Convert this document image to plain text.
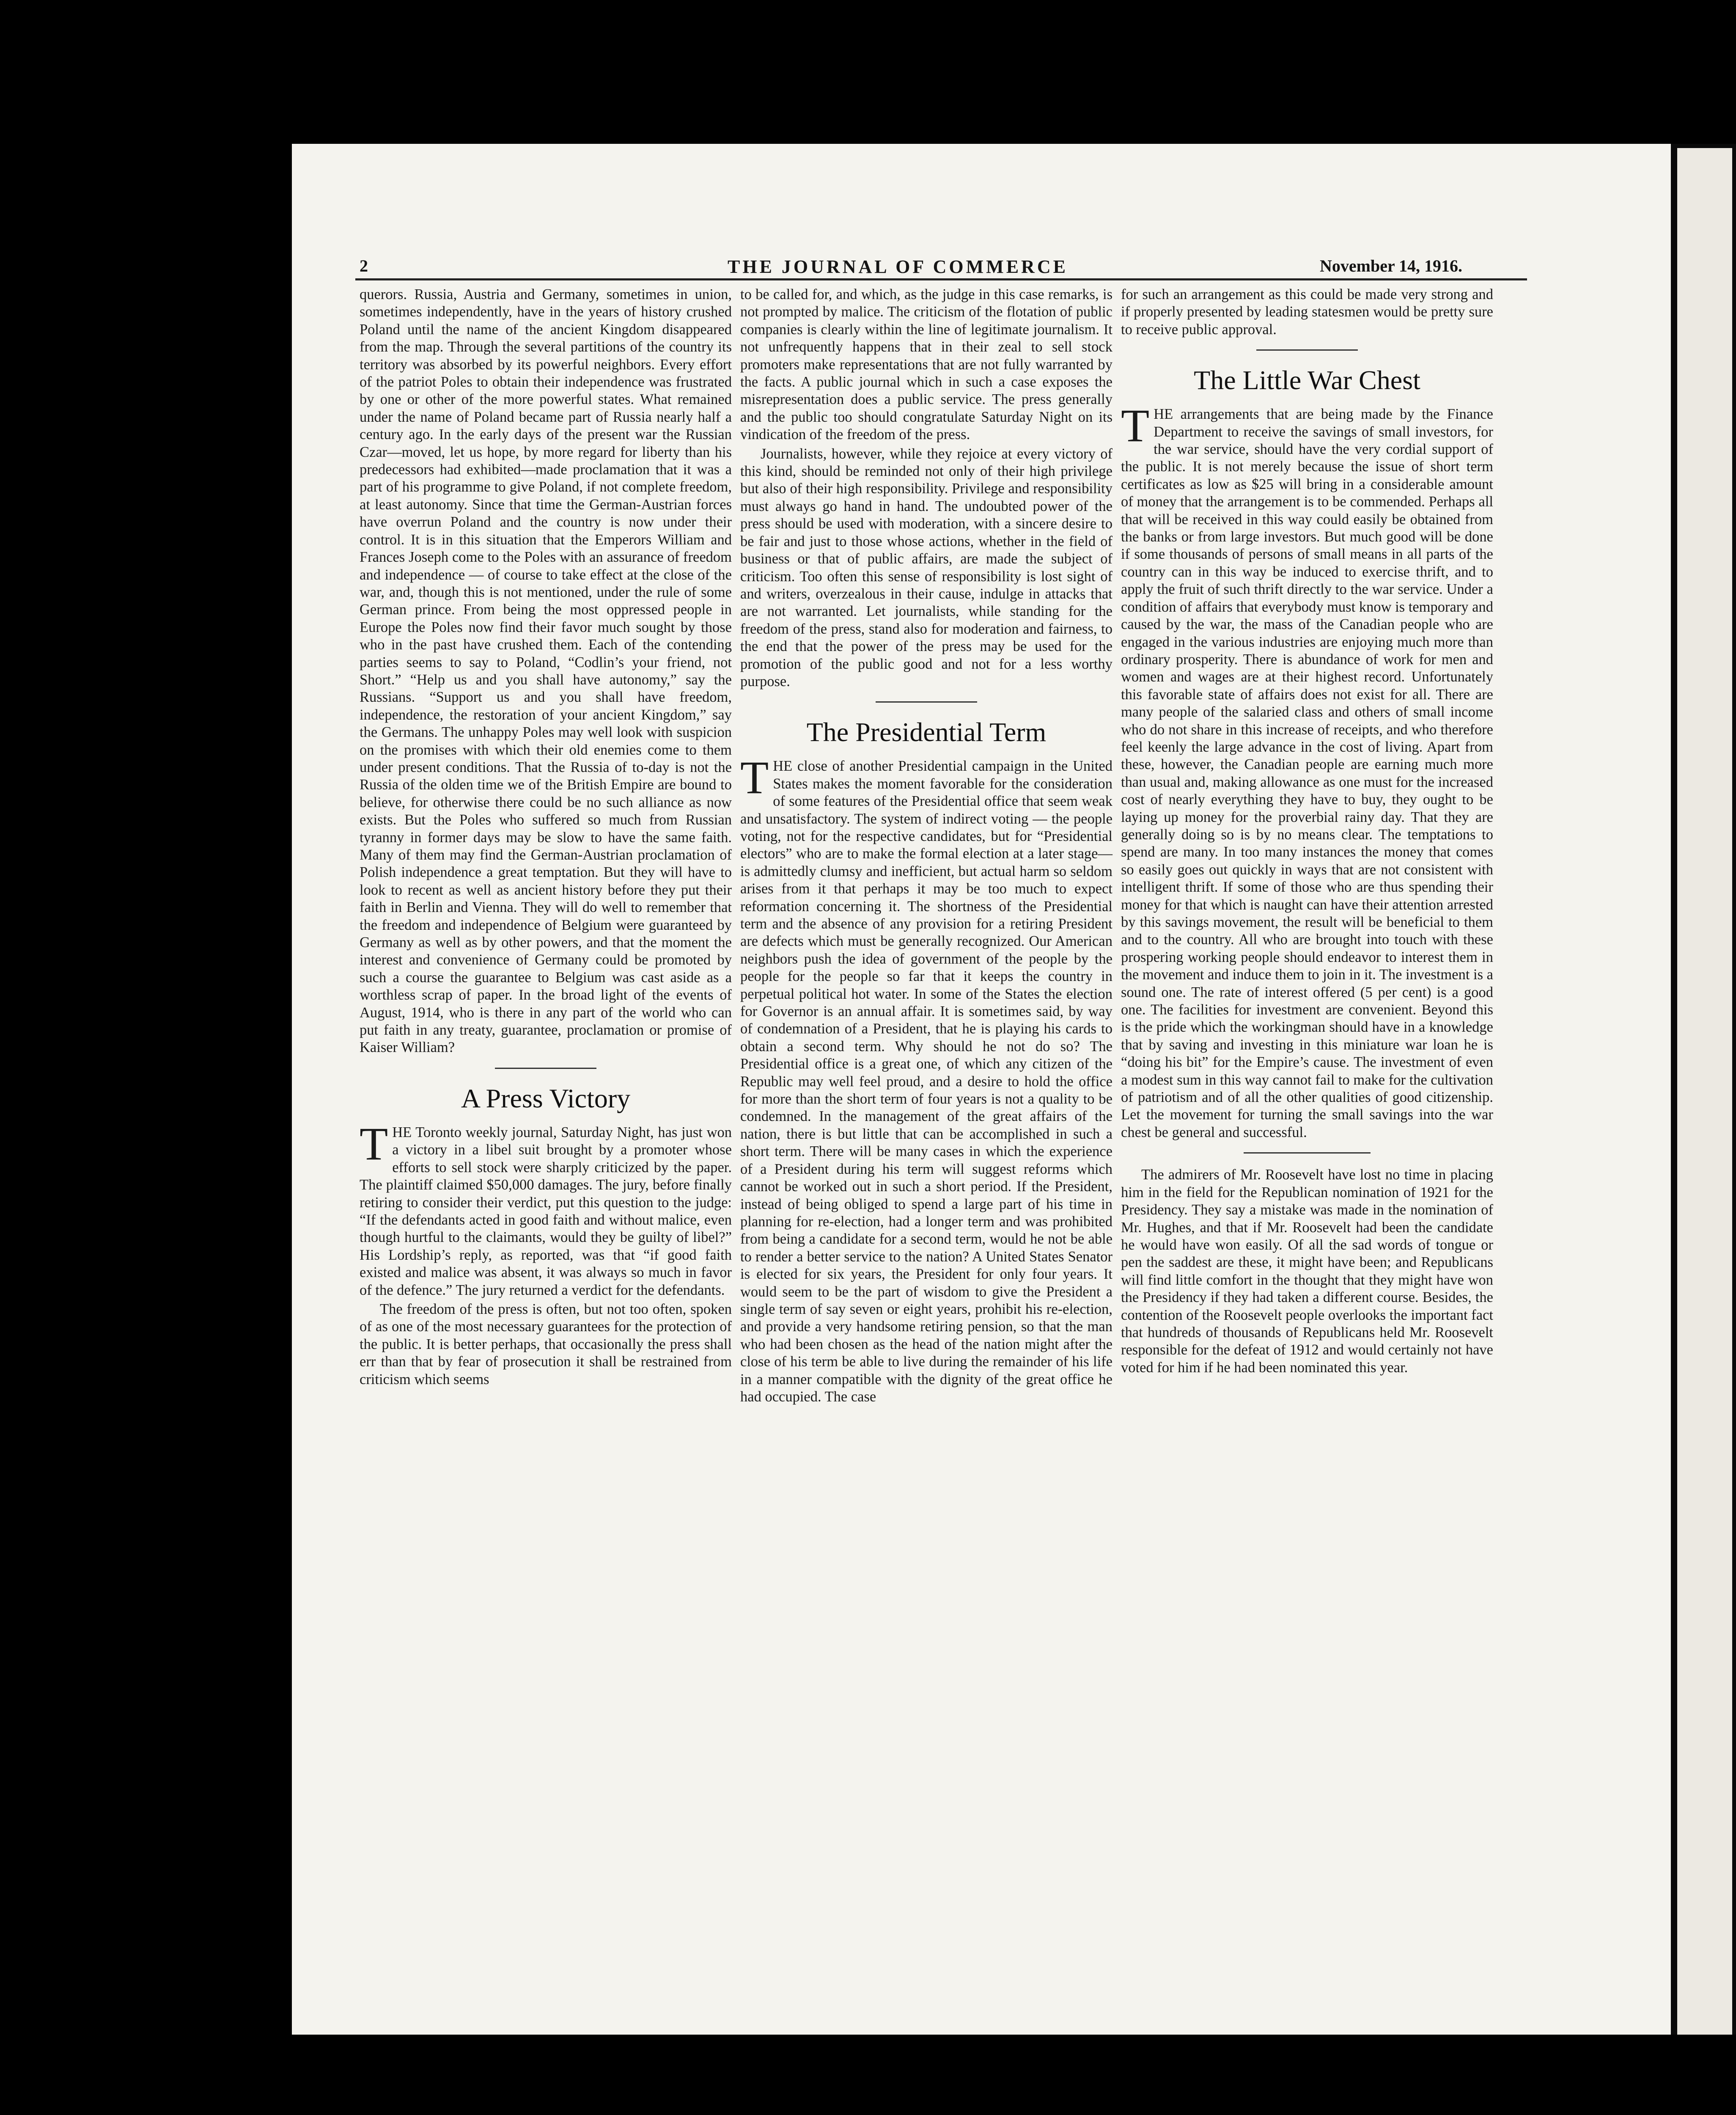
2	THE JOURNAL OF COMMERCE	November 14, 1916.

querors. Russia, Austria and Germany, sometimes in union, sometimes independently, have in the years of history crushed Poland until the name of the ancient Kingdom disappeared from the map. Through the several partitions of the country its territory was absorbed by its powerful neighbors. Every effort of the patriot Poles to obtain their independence was frustrated by one or other of the more powerful states. What remained under the name of Poland became part of Russia nearly half a century ago. In the early days of the present war the Russian Czar—moved, let us hope, by more regard for liberty than his predecessors had exhibited—made proclamation that it was a part of his programme to give Poland, if not complete freedom, at least autonomy. Since that time the German-Austrian forces have overrun Poland and the country is now under their control. It is in this situation that the Emperors William and Frances Joseph come to the Poles with an assurance of freedom and independence — of course to take effect at the close of the war, and, though this is not mentioned, under the rule of some German prince. From being the most oppressed people in Europe the Poles now find their favor much sought by those who in the past have crushed them. Each of the contending parties seems to say to Poland, “Codlin’s your friend, not Short.” “Help us and you shall have autonomy,” say the Russians. “Support us and you shall have freedom, independence, the restoration of your ancient Kingdom,” say the Germans. The unhappy Poles may well look with suspicion on the promises with which their old enemies come to them under present conditions. That the Russia of to-day is not the Russia of the olden time we of the British Empire are bound to believe, for otherwise there could be no such alliance as now exists. But the Poles who suffered so much from Russian tyranny in former days may be slow to have the same faith. Many of them may find the German-Austrian proclamation of Polish independence a great temptation. But they will have to look to recent as well as ancient history before they put their faith in Berlin and Vienna. They will do well to remember that the freedom and independence of Belgium were guaranteed by Germany as well as by other powers, and that the moment the interest and convenience of Germany could be promoted by such a course the guarantee to Belgium was cast aside as a worthless scrap of paper. In the broad light of the events of August, 1914, who is there in any part of the world who can put faith in any treaty, guarantee, proclamation or promise of Kaiser William?

A Press Victory

THE Toronto weekly journal, Saturday Night, has just won a victory in a libel suit brought by a promoter whose efforts to sell stock were sharply criticized by the paper. The plaintiff claimed $50,000 damages. The jury, before finally retiring to consider their verdict, put this question to the judge: “If the defendants acted in good faith and without malice, even though hurtful to the claimants, would they be guilty of libel?” His Lordship’s reply, as reported, was that “if good faith existed and malice was absent, it was always so much in favor of the defence.” The jury returned a verdict for the defendants.

The freedom of the press is often, but not too often, spoken of as one of the most necessary guarantees for the protection of the public. It is better perhaps, that occasionally the press shall err than that by fear of prosecution it shall be restrained from criticism which seems

to be called for, and which, as the judge in this case remarks, is not prompted by malice. The criticism of the flotation of public companies is clearly within the line of legitimate journalism. It not unfrequently happens that in their zeal to sell stock promoters make representations that are not fully warranted by the facts. A public journal which in such a case exposes the misrepresentation does a public service. The press generally and the public too should congratulate Saturday Night on its vindication of the freedom of the press.

Journalists, however, while they rejoice at every victory of this kind, should be reminded not only of their high privilege but also of their high responsibility. Privilege and responsibility must always go hand in hand. The undoubted power of the press should be used with moderation, with a sincere desire to be fair and just to those whose actions, whether in the field of business or that of public affairs, are made the subject of criticism. Too often this sense of responsibility is lost sight of and writers, overzealous in their cause, indulge in attacks that are not warranted. Let journalists, while standing for the freedom of the press, stand also for moderation and fairness, to the end that the power of the press may be used for the promotion of the public good and not for a less worthy purpose.

The Presidential Term

THE close of another Presidential campaign in the United States makes the moment favorable for the consideration of some features of the Presidential office that seem weak and unsatisfactory. The system of indirect voting — the people voting, not for the respective candidates, but for “Presidential electors” who are to make the formal election at a later stage—is admittedly clumsy and inefficient, but actual harm so seldom arises from it that perhaps it may be too much to expect reformation concerning it. The shortness of the Presidential term and the absence of any provision for a retiring President are defects which must be generally recognized. Our American neighbors push the idea of government of the people by the people for the people so far that it keeps the country in perpetual political hot water. In some of the States the election for Governor is an annual affair. It is sometimes said, by way of condemnation of a President, that he is playing his cards to obtain a second term. Why should he not do so? The Presidential office is a great one, of which any citizen of the Republic may well feel proud, and a desire to hold the office for more than the short term of four years is not a quality to be condemned. In the management of the great affairs of the nation, there is but little that can be accomplished in such a short term. There will be many cases in which the experience of a President during his term will suggest reforms which cannot be worked out in such a short period. If the President, instead of being obliged to spend a large part of his time in planning for re-election, had a longer term and was prohibited from being a candidate for a second term, would he not be able to render a better service to the nation? A United States Senator is elected for six years, the President for only four years. It would seem to be the part of wisdom to give the President a single term of say seven or eight years, prohibit his re-election, and provide a very handsome retiring pension, so that the man who had been chosen as the head of the nation might after the close of his term be able to live during the remainder of his life in a manner compatible with the dignity of the great office he had occupied. The case

for such an arrangement as this could be made very strong and if properly presented by leading statesmen would be pretty sure to receive public approval.

The Little War Chest

THE arrangements that are being made by the Finance Department to receive the savings of small investors, for the war service, should have the very cordial support of the public. It is not merely because the issue of short term certificates as low as $25 will bring in a considerable amount of money that the arrangement is to be commended. Perhaps all that will be received in this way could easily be obtained from the banks or from large investors. But much good will be done if some thousands of persons of small means in all parts of the country can in this way be induced to exercise thrift, and to apply the fruit of such thrift directly to the war service. Under a condition of affairs that everybody must know is temporary and caused by the war, the mass of the Canadian people who are engaged in the various industries are enjoying much more than ordinary prosperity. There is abundance of work for men and women and wages are at their highest record. Unfortunately this favorable state of affairs does not exist for all. There are many people of the salaried class and others of small income who do not share in this increase of receipts, and who therefore feel keenly the large advance in the cost of living. Apart from these, however, the Canadian people are earning much more than usual and, making allowance as one must for the increased cost of nearly everything they have to buy, they ought to be laying up money for the proverbial rainy day. That they are generally doing so is by no means clear. The temptations to spend are many. In too many instances the money that comes so easily goes out quickly in ways that are not consistent with intelligent thrift. If some of those who are thus spending their money for that which is naught can have their attention arrested by this savings movement, the result will be beneficial to them and to the country. All who are brought into touch with these prospering working people should endeavor to interest them in the movement and induce them to join in it. The investment is a sound one. The rate of interest offered (5 per cent) is a good one. The facilities for investment are convenient. Beyond this is the pride which the workingman should have in a knowledge that by saving and investing in this miniature war loan he is “doing his bit” for the Empire’s cause. The investment of even a modest sum in this way cannot fail to make for the cultivation of patriotism and of all the other qualities of good citizenship. Let the movement for turning the small savings into the war chest be general and successful.

The admirers of Mr. Roosevelt have lost no time in placing him in the field for the Republican nomination of 1921 for the Presidency. They say a mistake was made in the nomination of Mr. Hughes, and that if Mr. Roosevelt had been the candidate he would have won easily. Of all the sad words of tongue or pen the saddest are these, it might have been; and Republicans will find little comfort in the thought that they might have won the Presidency if they had taken a different course. Besides, the contention of the Roosevelt people overlooks the important fact that hundreds of thousands of Republicans held Mr. Roosevelt responsible for the defeat of 1912 and would certainly not have voted for him if he had been nominated this year.
